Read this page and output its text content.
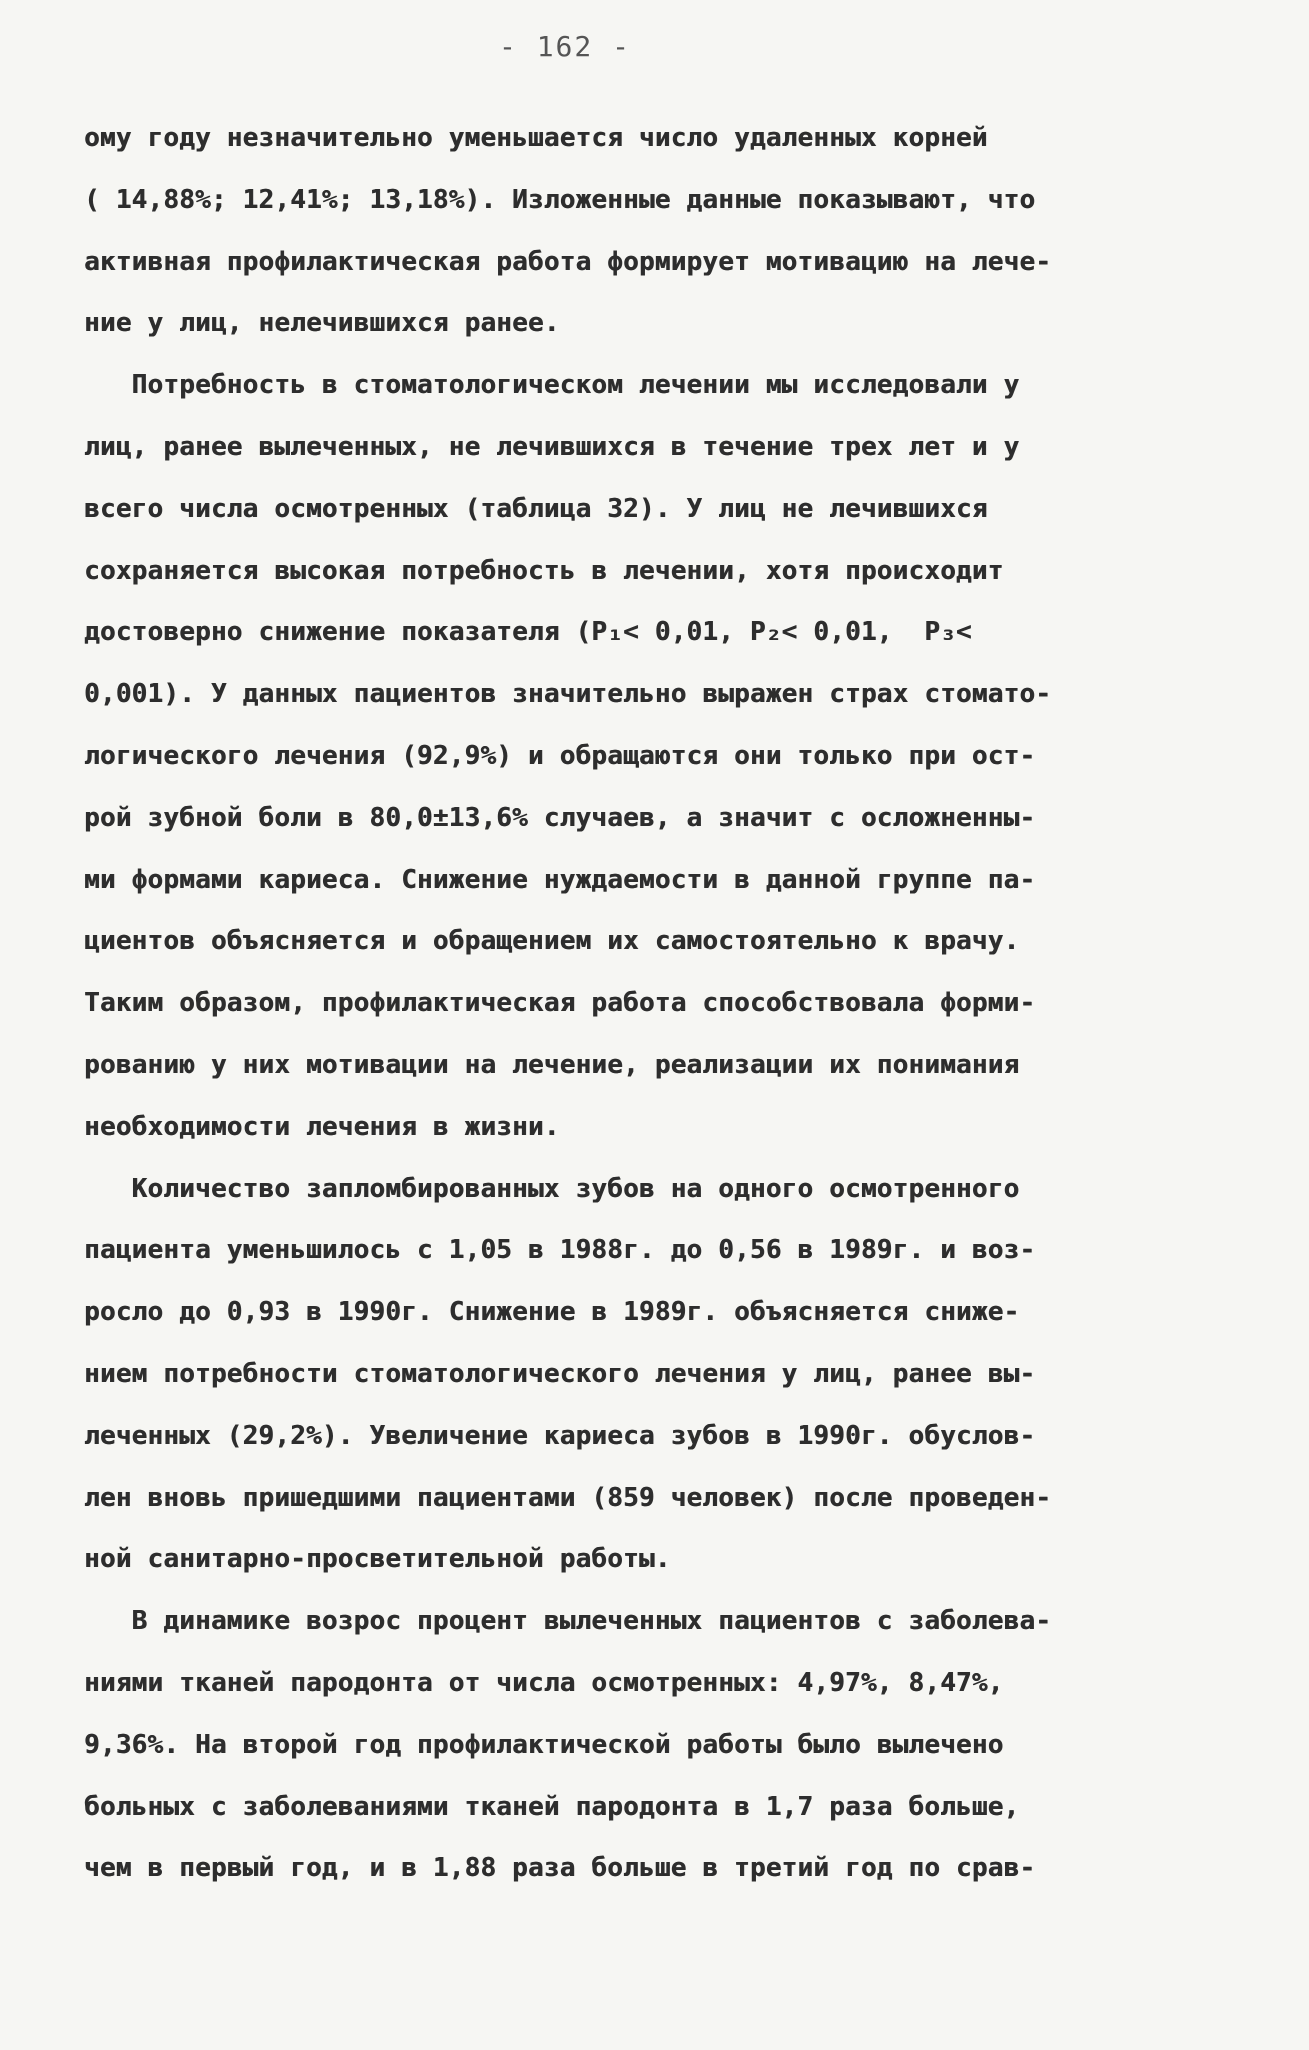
- 162 -
ому году незначительно уменьшается число удаленных корней
( 14,88%; 12,41%; 13,18%). Изложенные данные показывают, что
активная профилактическая работа формирует мотивацию на лече-
ние у лиц, нелечившихся ранее.
Потребность в стоматологическом лечении мы исследовали у
лиц, ранее вылеченных, не лечившихся в течение трех лет и у
всего числа осмотренных (таблица 32). У лиц не лечившихся
сохраняется высокая потребность в лечении, хотя происходит
достоверно снижение показателя (P₁< 0,01, P₂< 0,01,  P₃<
0,001). У данных пациентов значительно выражен страх стомато-
логического лечения (92,9%) и обращаются они только при ост-
рой зубной боли в 80,0±13,6% случаев, а значит с осложненны-
ми формами кариеса. Снижение нуждаемости в данной группе па-
циентов объясняется и обращением их самостоятельно к врачу.
Таким образом, профилактическая работа способствовала форми-
рованию у них мотивации на лечение, реализации их понимания
необходимости лечения в жизни.
Количество запломбированных зубов на одного осмотренного
пациента уменьшилось с 1,05 в 1988г. до 0,56 в 1989г. и воз-
росло до 0,93 в 1990г. Снижение в 1989г. объясняется сниже-
нием потребности стоматологического лечения у лиц, ранее вы-
леченных (29,2%). Увеличение кариеса зубов в 1990г. обуслов-
лен вновь пришедшими пациентами (859 человек) после проведен-
ной санитарно-просветительной работы.
В динамике возрос процент вылеченных пациентов с заболева-
ниями тканей пародонта от числа осмотренных: 4,97%, 8,47%,
9,36%. На второй год профилактической работы было вылечено
больных с заболеваниями тканей пародонта в 1,7 раза больше,
чем в первый год, и в 1,88 раза больше в третий год по срав-
